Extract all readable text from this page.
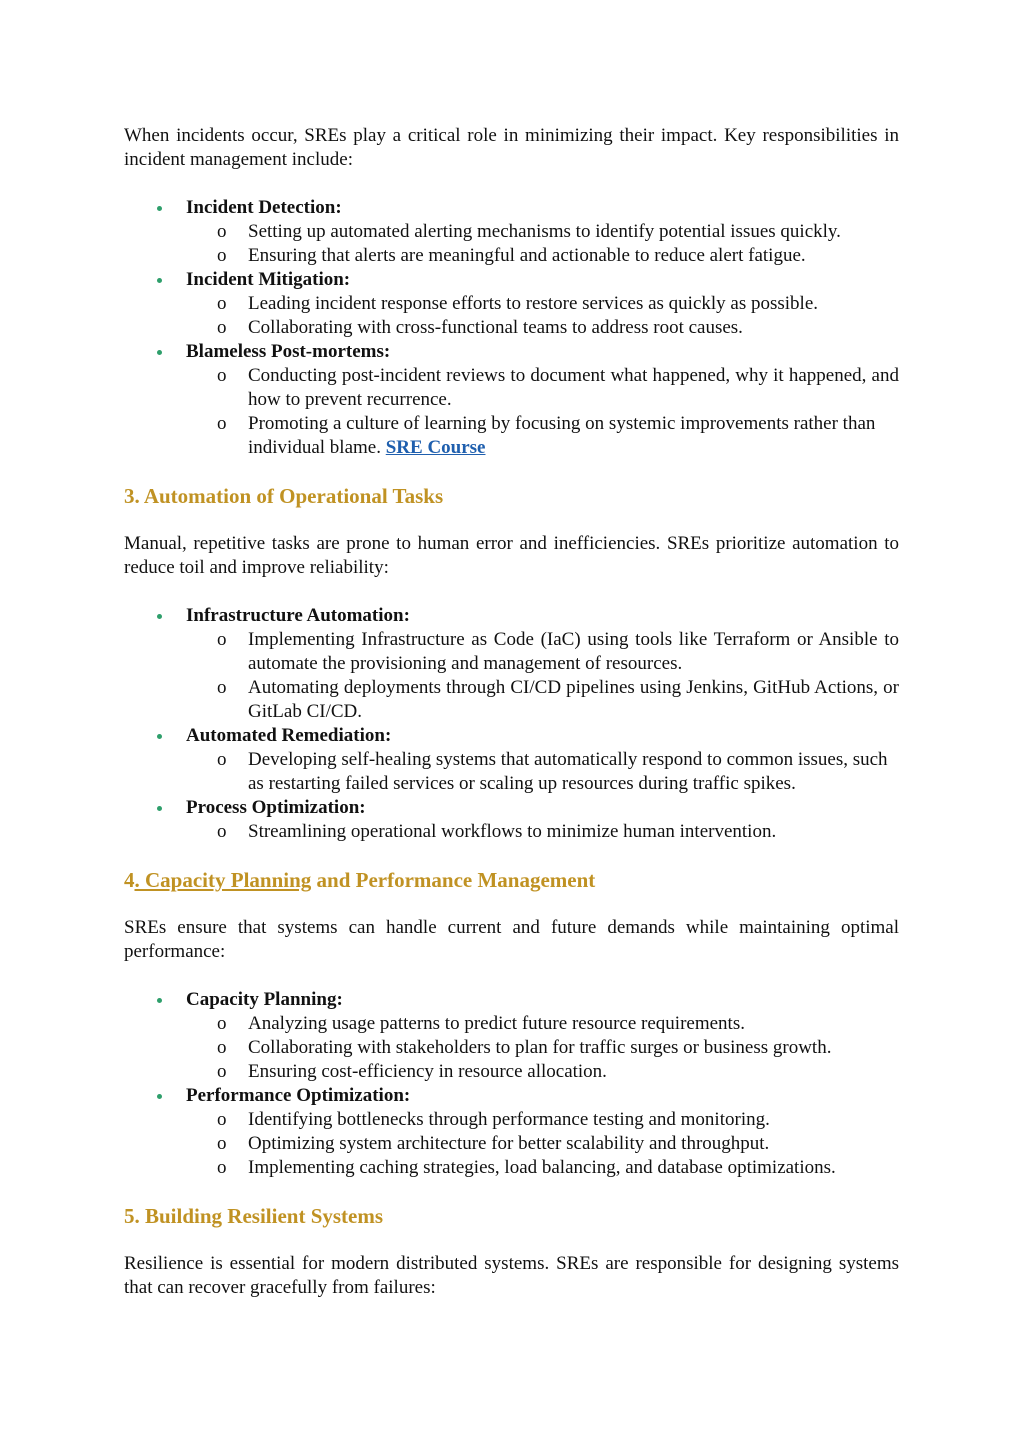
When incidents occur, SREs play a critical role in minimizing their impact. Key responsibilities in incident management include:

Incident Detection:
o	Setting up automated alerting mechanisms to identify potential issues quickly.
o	Ensuring that alerts are meaningful and actionable to reduce alert fatigue.
Incident Mitigation:
o	Leading incident response efforts to restore services as quickly as possible.
o	Collaborating with cross-functional teams to address root causes.
Blameless Post-mortems:
o	Conducting post-incident reviews to document what happened, why it happened, and how to prevent recurrence.
o	Promoting a culture of learning by focusing on systemic improvements rather than individual blame. SRE Course
3. Automation of Operational Tasks

Manual, repetitive tasks are prone to human error and inefficiencies. SREs prioritize automation to reduce toil and improve reliability:

Infrastructure Automation:
o	Implementing Infrastructure as Code (IaC) using tools like Terraform or Ansible to automate the provisioning and management of resources.
o	Automating deployments through CI/CD pipelines using Jenkins, GitHub Actions, or GitLab CI/CD.
Automated Remediation:
o	Developing self-healing systems that automatically respond to common issues, such as restarting failed services or scaling up resources during traffic spikes.
Process Optimization:
o	Streamlining operational workflows to minimize human intervention.
4. Capacity Planning and Performance Management

SREs ensure that systems can handle current and future demands while maintaining optimal performance:

Capacity Planning:
o	Analyzing usage patterns to predict future resource requirements.
o	Collaborating with stakeholders to plan for traffic surges or business growth.
o	Ensuring cost-efficiency in resource allocation.
Performance Optimization:
o	Identifying bottlenecks through performance testing and monitoring.
o	Optimizing system architecture for better scalability and throughput.
o	Implementing caching strategies, load balancing, and database optimizations.
5. Building Resilient Systems

Resilience is essential for modern distributed systems. SREs are responsible for designing systems that can recover gracefully from failures:
